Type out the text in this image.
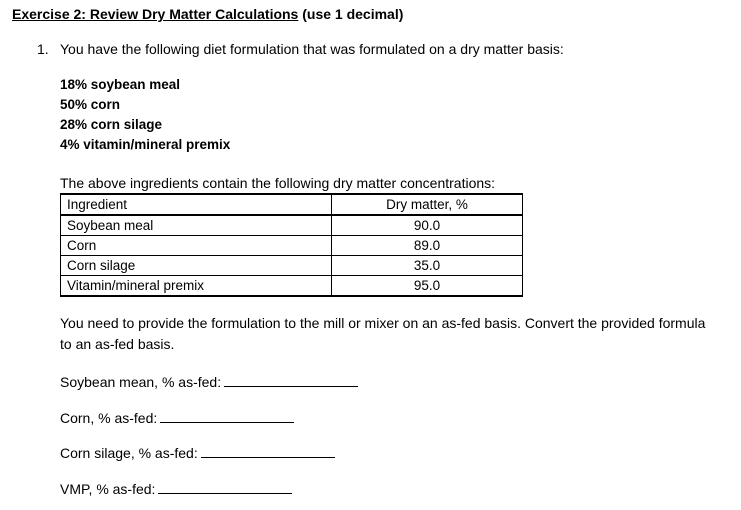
Exercise 2: Review Dry Matter Calculations (use 1 decimal)
1. You have the following diet formulation that was formulated on a dry matter basis:
18% soybean meal
50% corn
28% corn silage
4% vitamin/mineral premix
The above ingredients contain the following dry matter concentrations:
Ingredient	Dry matter, %
Soybean meal	90.0
Corn	89.0
Corn silage	35.0
Vitamin/mineral premix	95.0
You need to provide the formulation to the mill or mixer on an as-fed basis. Convert the provided formula to an as-fed basis.
Soybean mean, % as-fed:
Corn, % as-fed:
Corn silage, % as-fed:
VMP, % as-fed:
